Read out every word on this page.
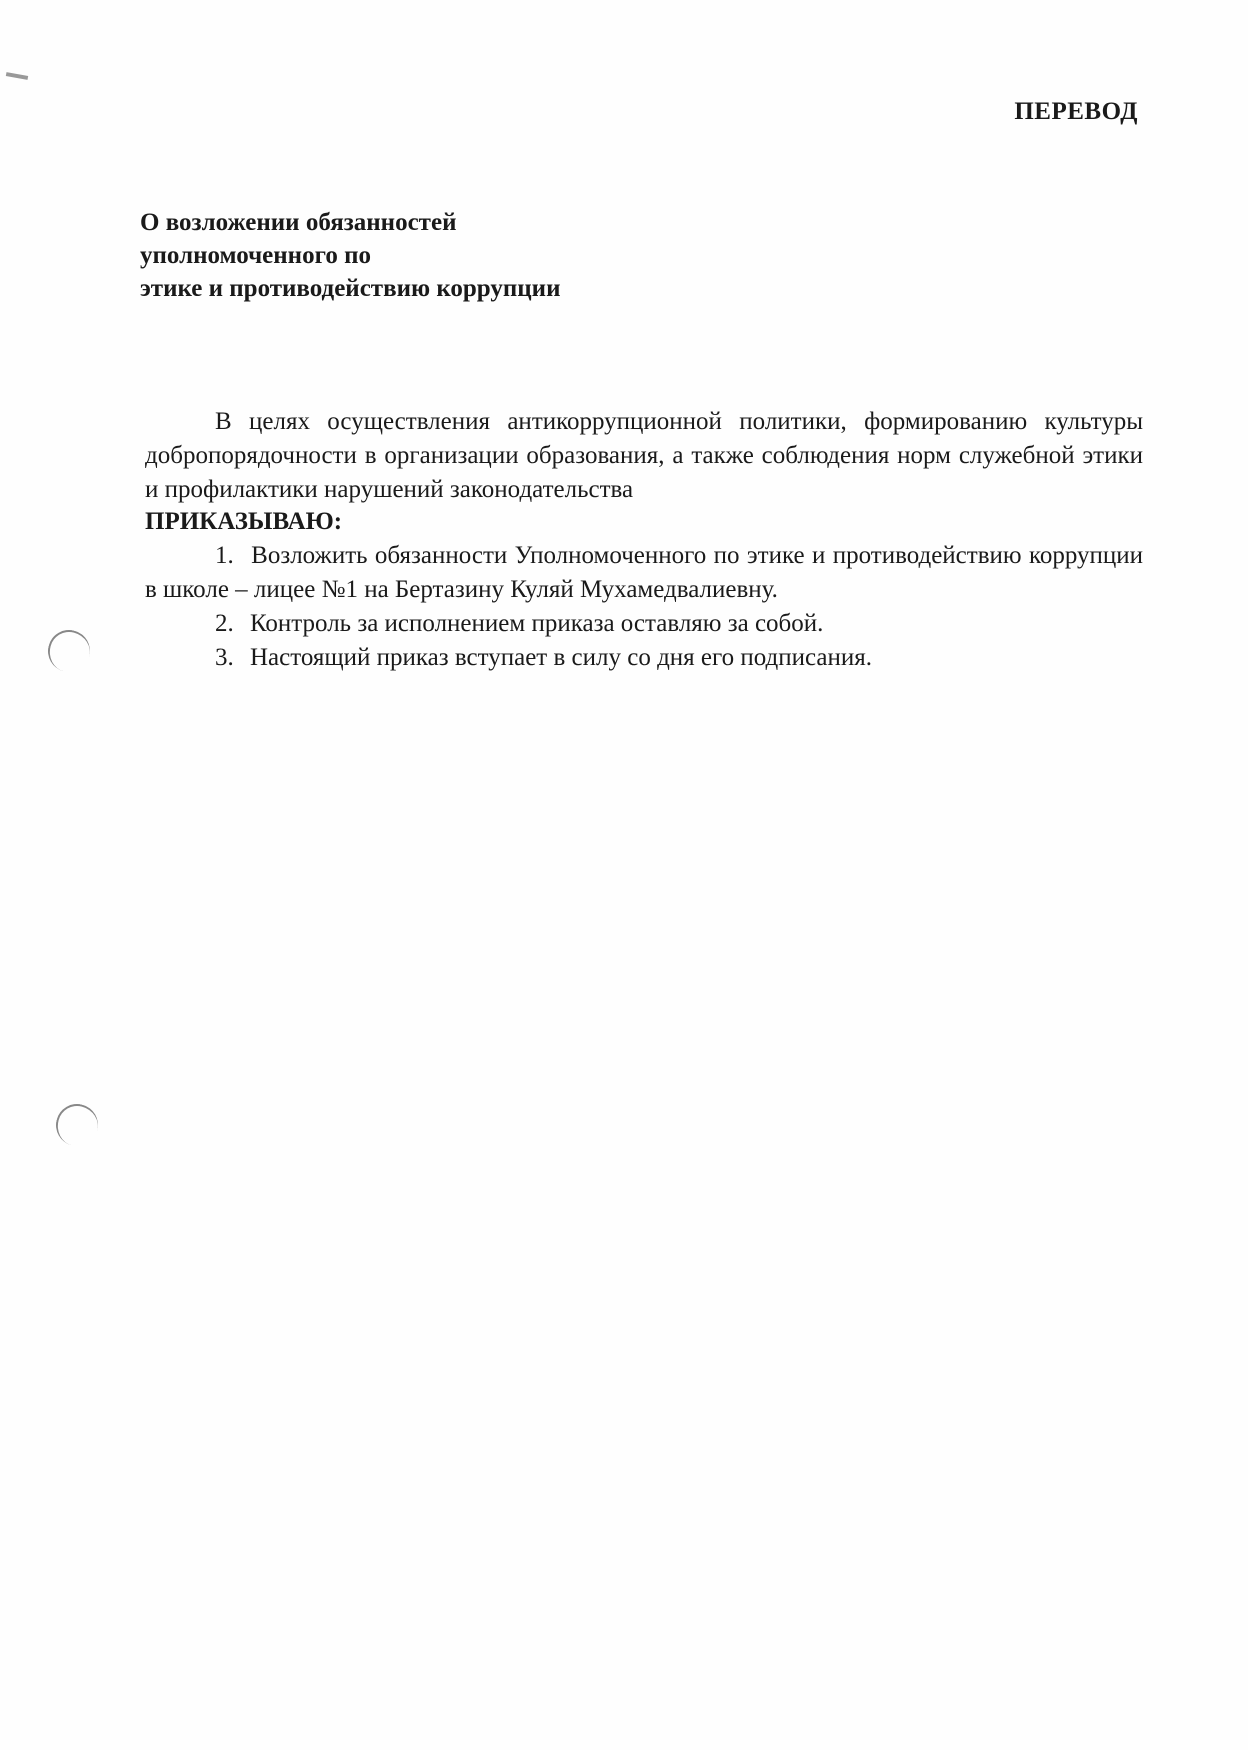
ПЕРЕВОД
О возложении обязанностей
уполномоченного по
этике и противодействию коррупции

В целях осуществления антикоррупционной политики, формированию культуры добропорядочности в организации образования, а также соблюдения норм служебной этики и профилактики нарушений законодательства
ПРИКАЗЫВАЮ:

1. Возложить обязанности Уполномоченного по этике и противодействию коррупции в школе – лицее №1 на Бертазину Куляй Мухамедвалиевну.

2. Контроль за исполнением приказа оставляю за собой.

3. Настоящий приказ вступает в силу со дня его подписания.
